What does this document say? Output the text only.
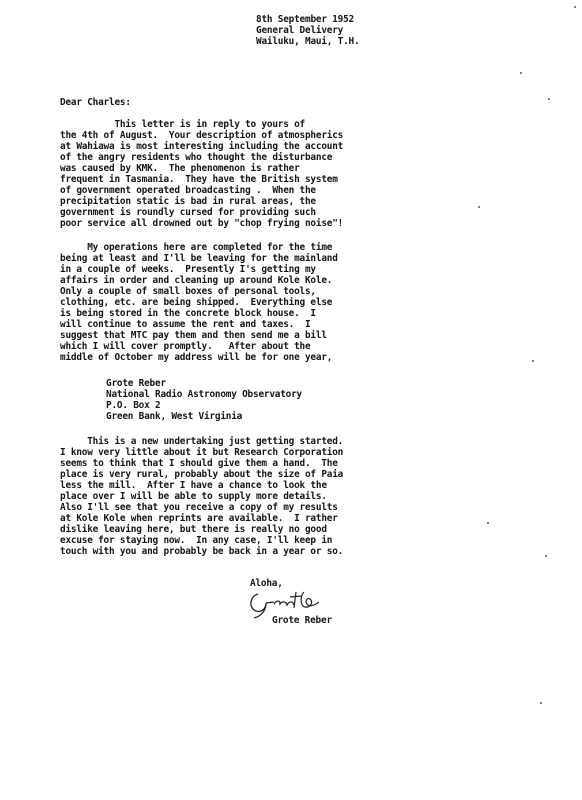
8th September 1952
General Delivery
Wailuku, Maui, T.H.
Dear Charles:
This letter is in reply to yours of
the 4th of August.  Your description of atmospherics
at Wahiawa is most interesting including the account
of the angry residents who thought the disturbance
was caused by KMK.  The phenomenon is rather
frequent in Tasmania.  They have the British system
of government operated broadcasting .  When the
precipitation static is bad in rural areas, the
government is roundly cursed for providing such
poor service all drowned out by "chop frying noise"!
My operations here are completed for the time
being at least and I'll be leaving for the mainland
in a couple of weeks.  Presently I's getting my
affairs in order and cleaning up around Kole Kole.
Only a couple of small boxes of personal tools,
clothing, etc. are being shipped.  Everything else
is being stored in the concrete block house.  I
will continue to assume the rent and taxes.  I
suggest that MTC pay them and then send me a bill
which I will cover promptly.   After about the
middle of October my address will be for one year,
Grote Reber
National Radio Astronomy Observatory
P.O. Box 2
Green Bank, West Virginia
This is a new undertaking just getting started.
I know very little about it but Research Corporation
seems to think that I should give them a hand.  The
place is very rural, probably about the size of Paia
less the mill.  After I have a chance to look the
place over I will be able to supply more details.
Also I'll see that you receive a copy of my results
at Kole Kole when reprints are available.  I rather
dislike leaving here, but there is really no good
excuse for staying now.  In any case, I'll keep in
touch with you and probably be back in a year or so.
Aloha,
Grote Reber
